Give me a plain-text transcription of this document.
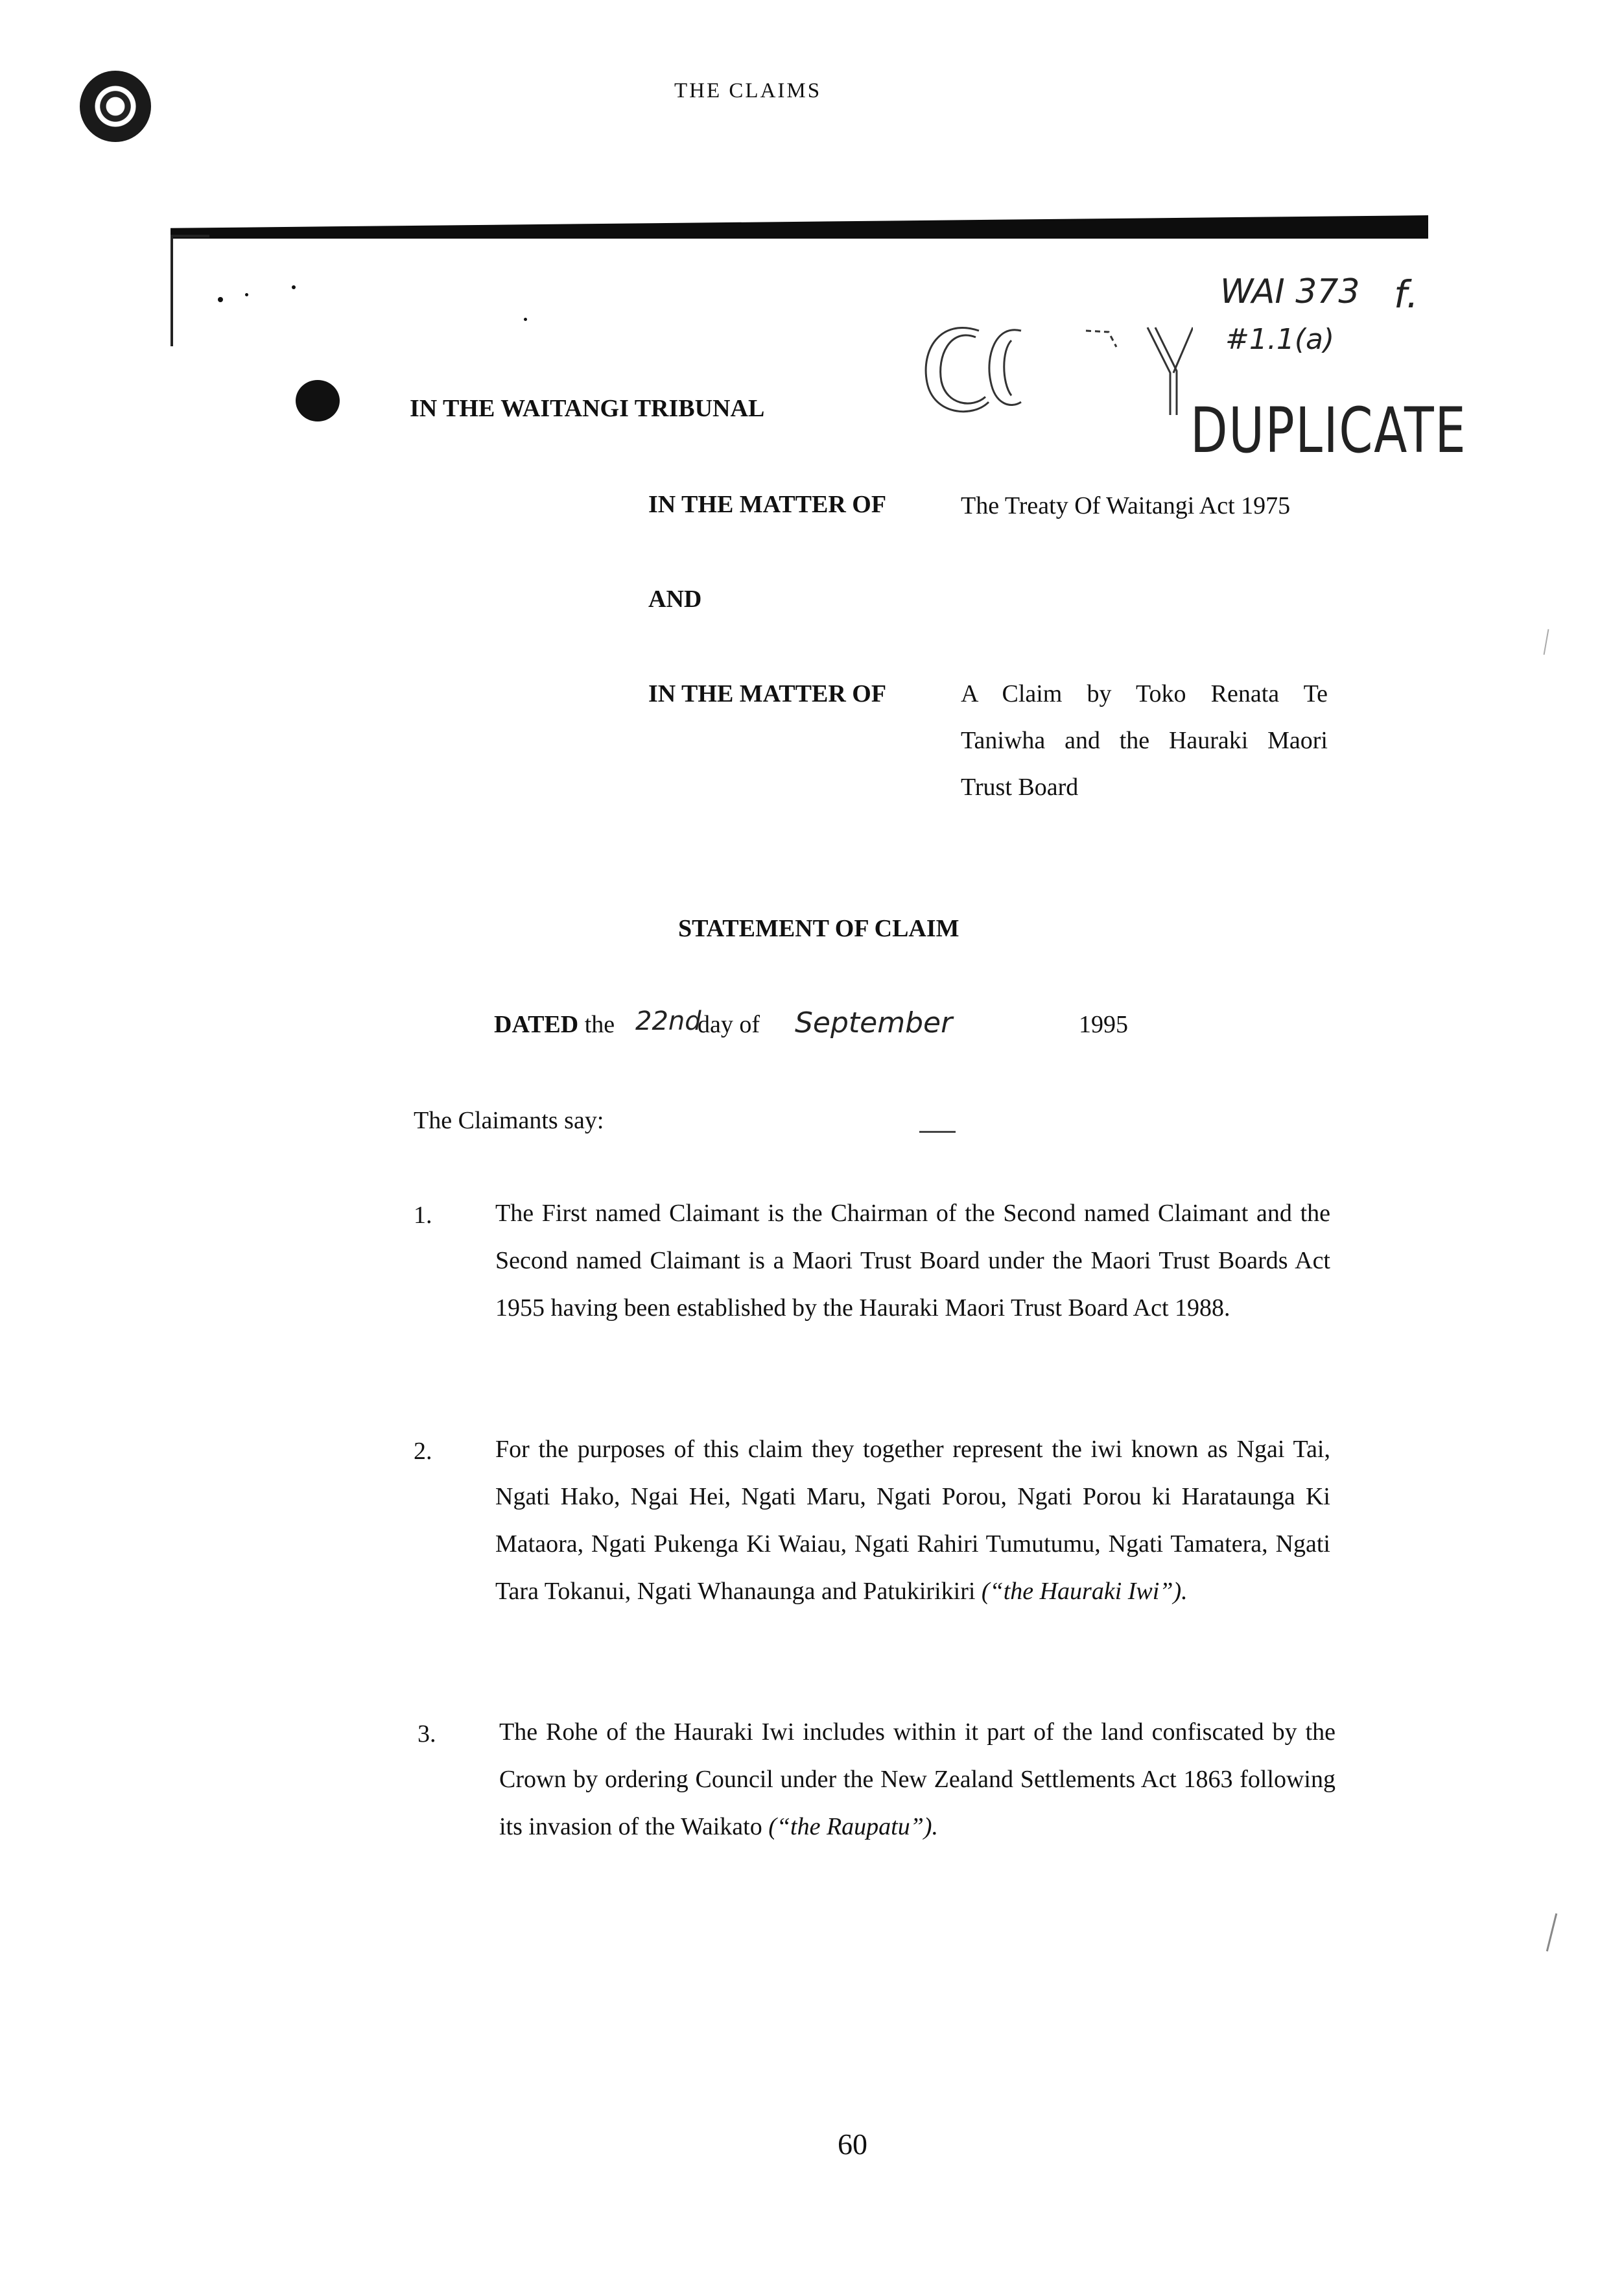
THE CLAIMS
COPY
DUPLICATE
WAI 373
#1.1(a)
f.
IN THE WAITANGI TRIBUNAL
IN THE MATTER OF	The Treaty Of Waitangi Act 1975
AND
IN THE MATTER OF	A Claim by Toko Renata Te
Taniwha and the Hauraki Maori
Trust Board
STATEMENT OF CLAIM
DATED the 22nd
day of September	1995
The Claimants say:
1.	The First named Claimant is the Chairman of the Second named Claimant and the Second named Claimant is a Maori Trust Board under the Maori Trust Boards Act 1955 having been established by the Hauraki Maori Trust Board Act 1988.
2.	For the purposes of this claim they together represent the iwi known as Ngai Tai, Ngati Hako, Ngai Hei, Ngati Maru, Ngati Porou, Ngati Porou ki Harataunga Ki Mataora, Ngati Pukenga Ki Waiau, Ngati Rahiri Tumutumu, Ngati Tamatera, Ngati Tara Tokanui, Ngati Whanaunga and Patukirikiri (“the Hauraki Iwi”).
3.	The Rohe of the Hauraki Iwi includes within it part of the land confiscated by the Crown by ordering Council under the New Zealand Settlements Act 1863 following its invasion of the Waikato (“the Raupatu”).
60
